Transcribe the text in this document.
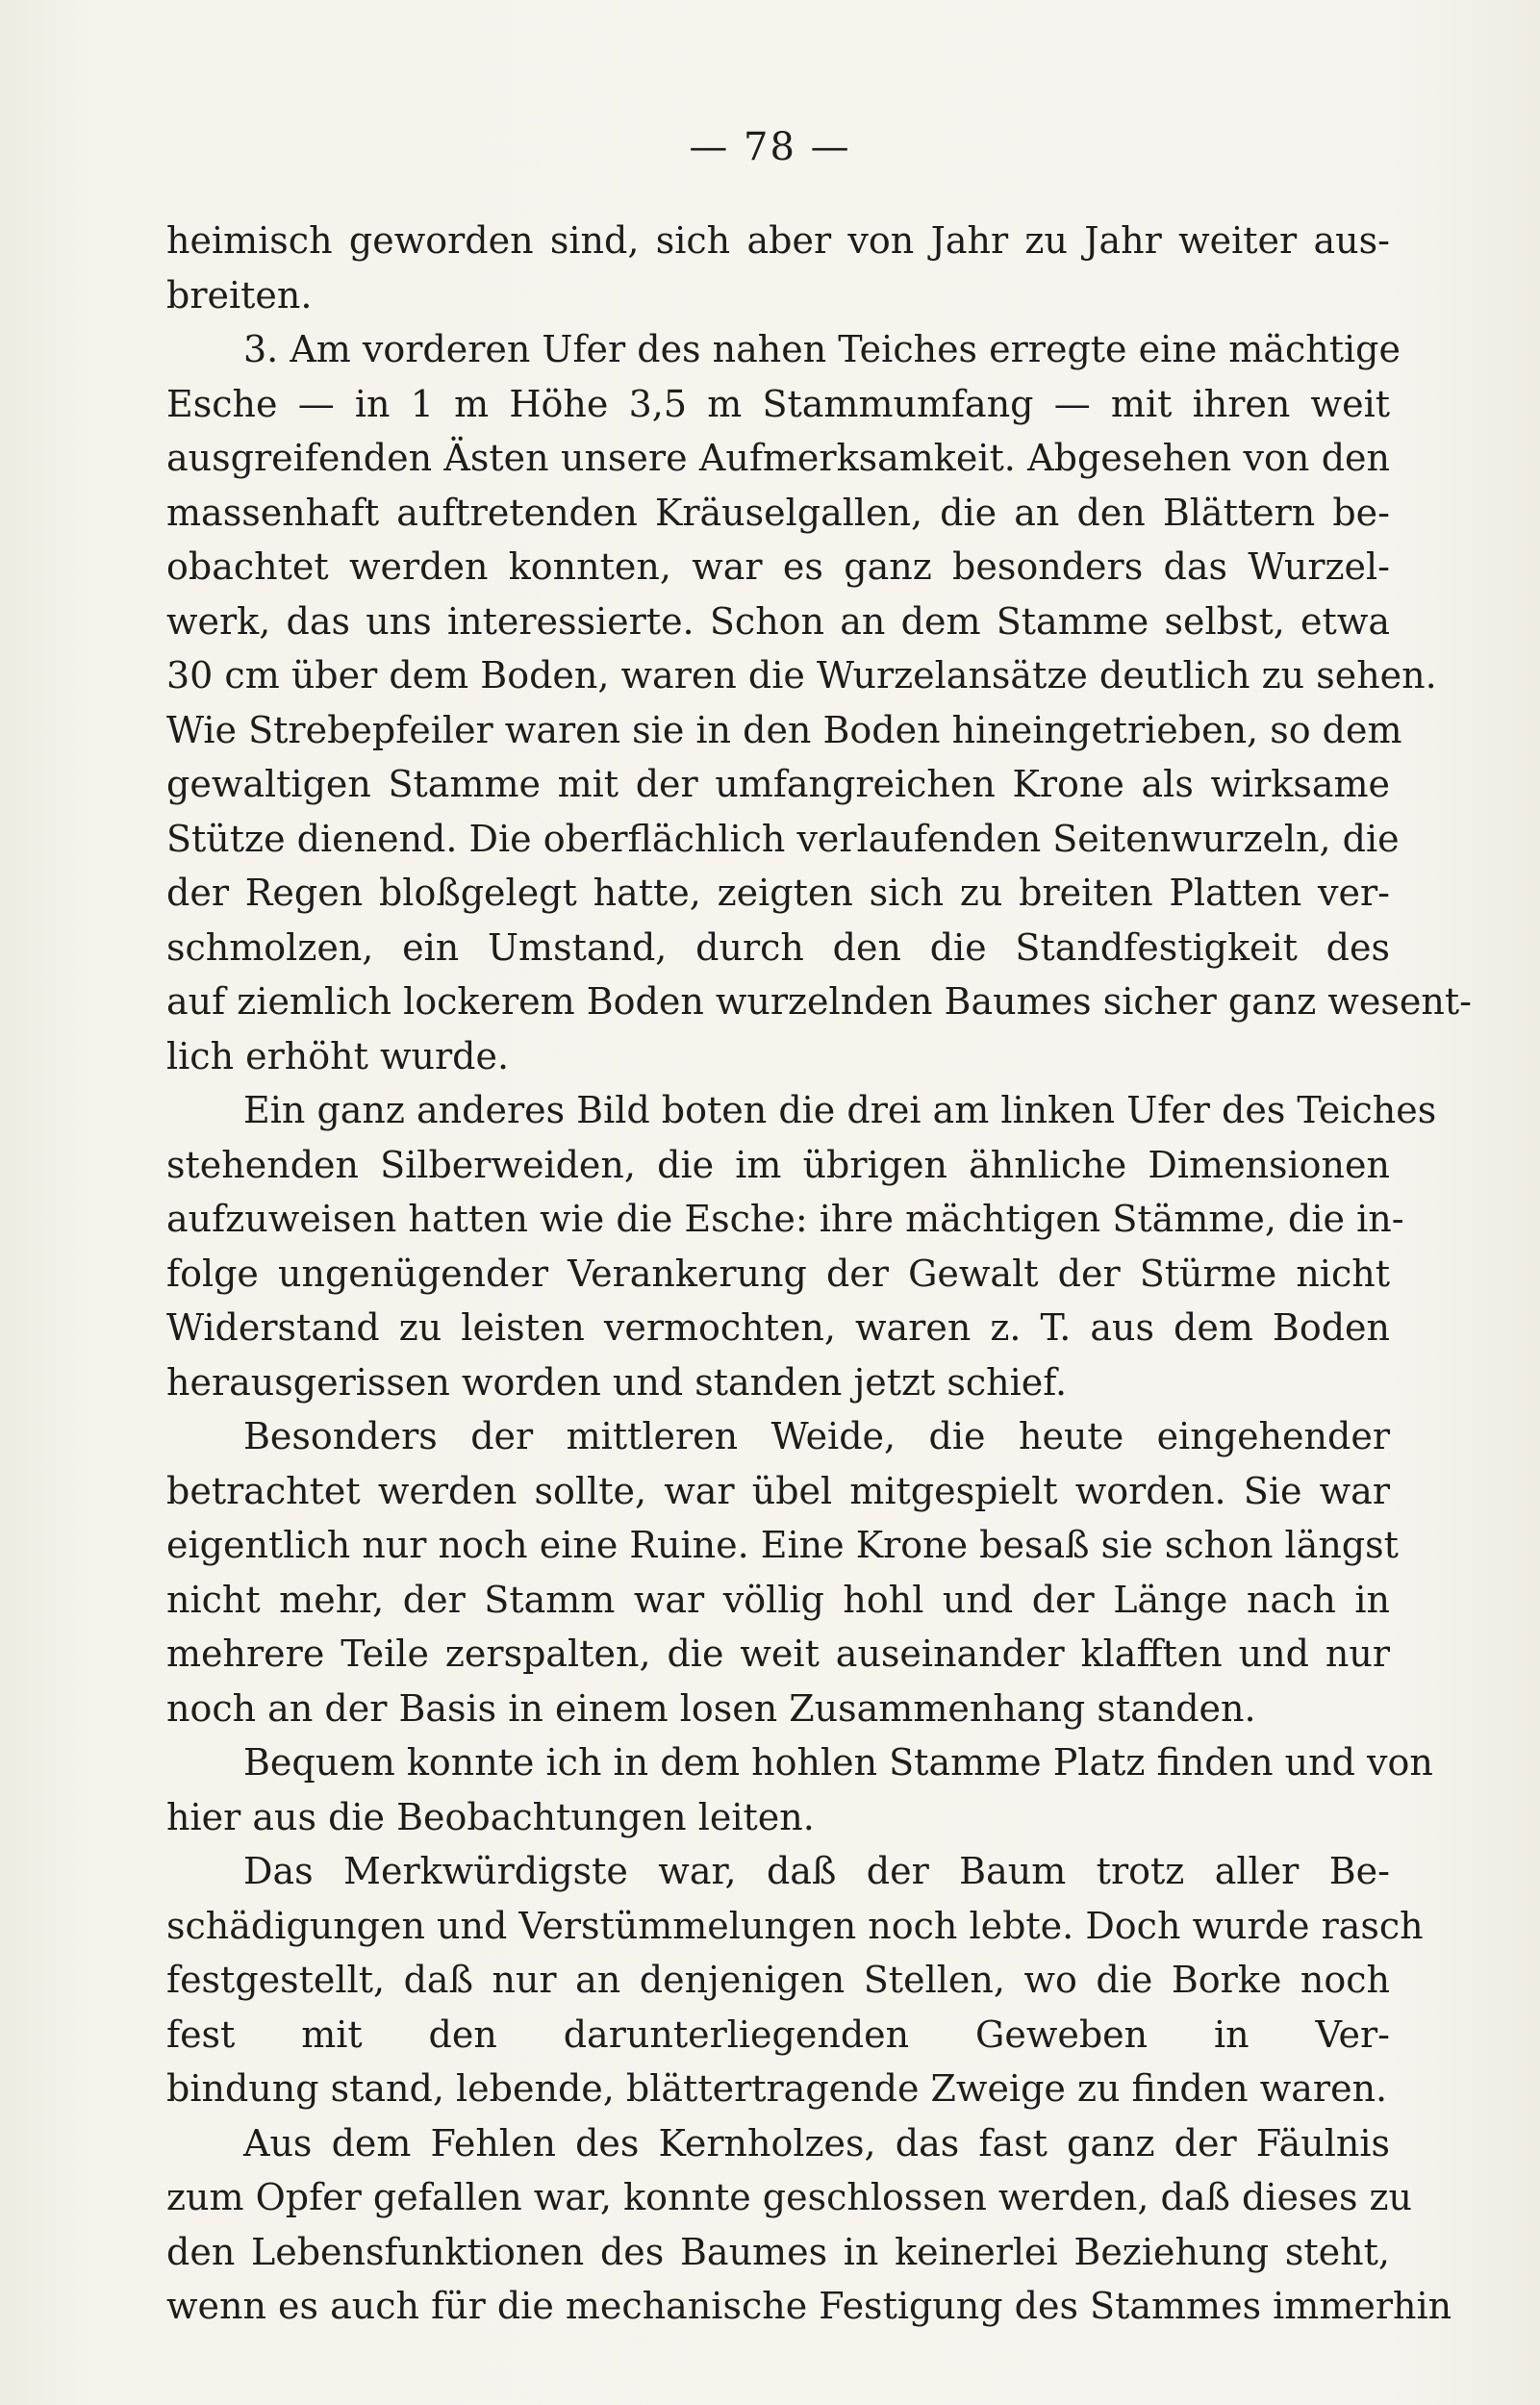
— 78 —
heimisch geworden sind, sich aber von Jahr zu Jahr weiter aus-
breiten.
3. Am vorderen Ufer des nahen Teiches erregte eine mächtige
Esche — in 1 m Höhe 3,5 m Stammumfang — mit ihren weit
ausgreifenden Ästen unsere Aufmerksamkeit. Abgesehen von den
massenhaft auftretenden Kräuselgallen, die an den Blättern be-
obachtet werden konnten, war es ganz besonders das Wurzel-
werk, das uns interessierte. Schon an dem Stamme selbst, etwa
30 cm über dem Boden, waren die Wurzelansätze deutlich zu sehen.
Wie Strebepfeiler waren sie in den Boden hineingetrieben, so dem
gewaltigen Stamme mit der umfangreichen Krone als wirksame
Stütze dienend. Die oberflächlich verlaufenden Seitenwurzeln, die
der Regen bloßgelegt hatte, zeigten sich zu breiten Platten ver-
schmolzen, ein Umstand, durch den die Standfestigkeit des
auf ziemlich lockerem Boden wurzelnden Baumes sicher ganz wesent-
lich erhöht wurde.
Ein ganz anderes Bild boten die drei am linken Ufer des Teiches
stehenden Silberweiden, die im übrigen ähnliche Dimensionen
aufzuweisen hatten wie die Esche: ihre mächtigen Stämme, die in-
folge ungenügender Verankerung der Gewalt der Stürme nicht
Widerstand zu leisten vermochten, waren z. T. aus dem Boden
herausgerissen worden und standen jetzt schief.
Besonders der mittleren Weide, die heute eingehender
betrachtet werden sollte, war übel mitgespielt worden. Sie war
eigentlich nur noch eine Ruine. Eine Krone besaß sie schon längst
nicht mehr, der Stamm war völlig hohl und der Länge nach in
mehrere Teile zerspalten, die weit auseinander klafften und nur
noch an der Basis in einem losen Zusammenhang standen.
Bequem konnte ich in dem hohlen Stamme Platz finden und von
hier aus die Beobachtungen leiten.
Das Merkwürdigste war, daß der Baum trotz aller Be-
schädigungen und Verstümmelungen noch lebte. Doch wurde rasch
festgestellt, daß nur an denjenigen Stellen, wo die Borke noch
fest mit den darunterliegenden Geweben in Ver-
bindung stand, lebende, blättertragende Zweige zu finden waren.
Aus dem Fehlen des Kernholzes, das fast ganz der Fäulnis
zum Opfer gefallen war, konnte geschlossen werden, daß dieses zu
den Lebensfunktionen des Baumes in keinerlei Beziehung steht,
wenn es auch für die mechanische Festigung des Stammes immerhin
